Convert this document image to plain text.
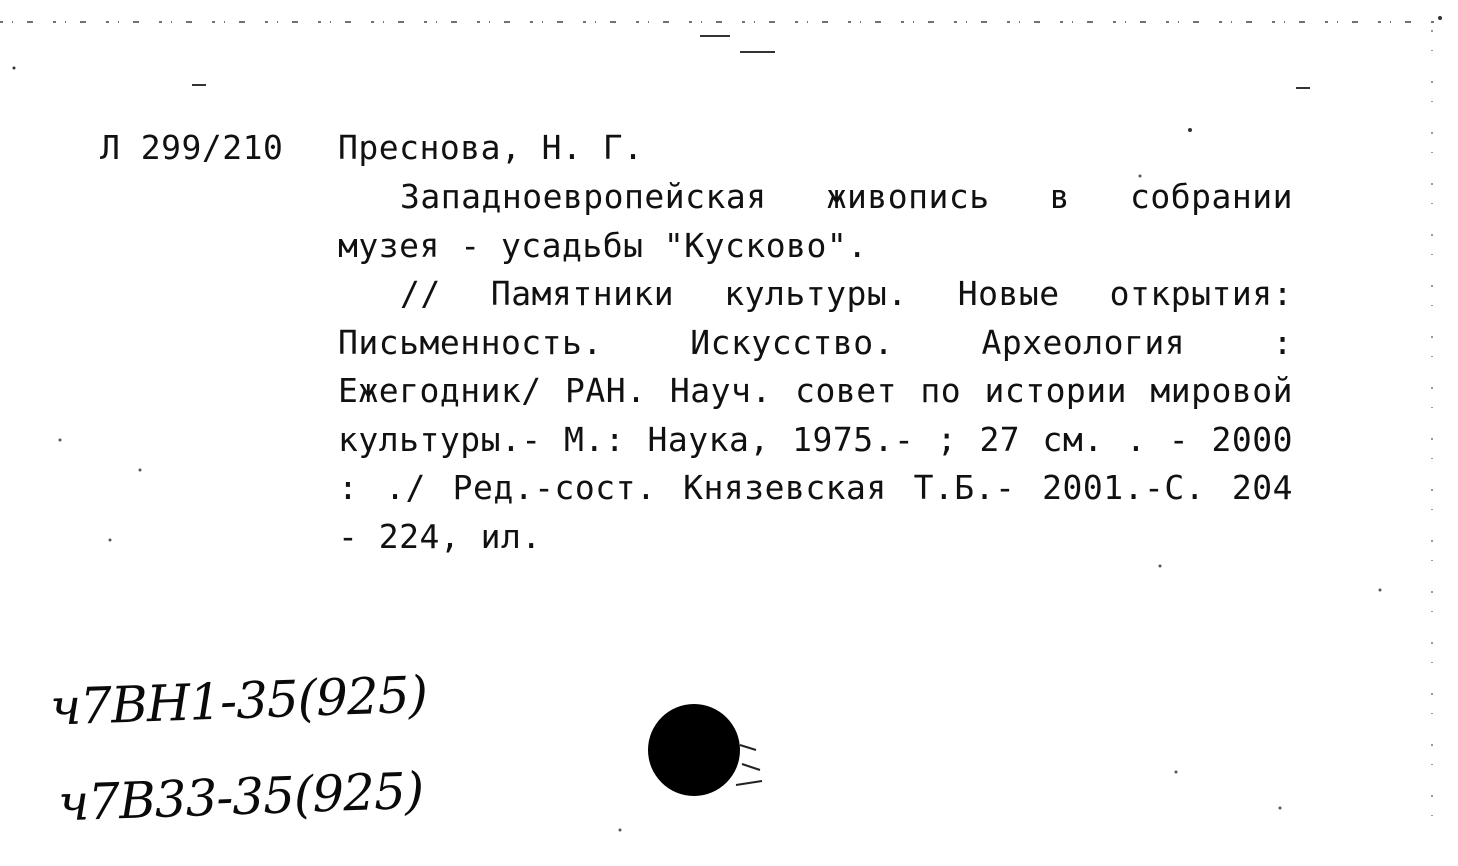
Л 299/210 Преснова, Н. Г.

Западноевропейская живопись в собрании музея - усадьбы "Кусково".

// Памятники культуры. Новые открытия: Письменность. Искусство. Археология : Ежегодник/ РАН. Науч. совет по истории мировой культуры.- М.: Наука, 1975.- ; 27 см. . - 2000 : ./ Ред.-сост. Князевская Т.Б.- 2001.-С. 204 - 224, ил.

ч7ВН1-35(925)
ч7В33-35(925)
